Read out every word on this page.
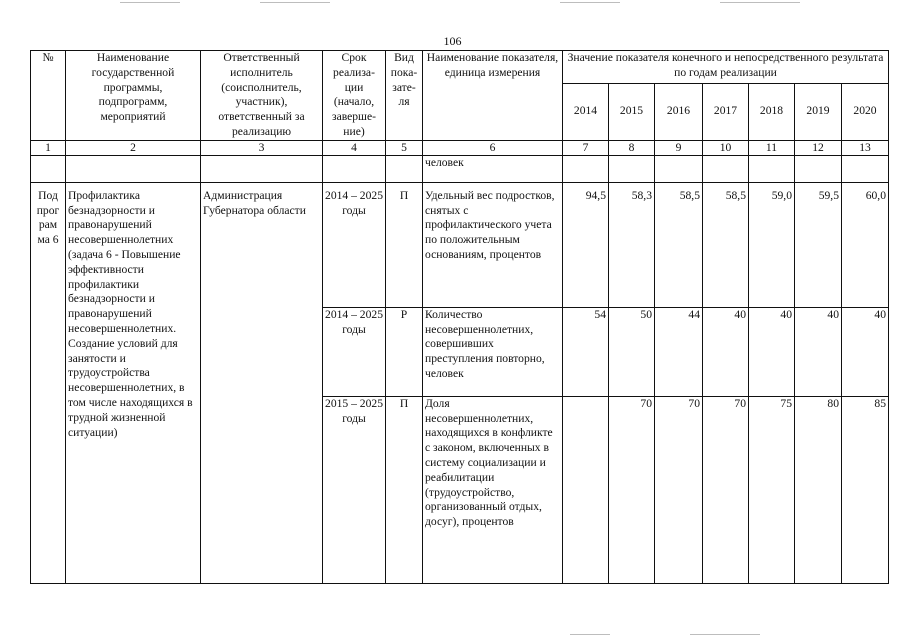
106
№	Наименование государственной программы, подпрограмм, мероприятий	Ответственный исполнитель (соисполнитель, участник), ответственный за реализацию	Срок реализа-ции (начало, заверше-ние)	Вид пока-зате-ля	Наименование показателя, единица измерения	Значение показателя конечного и непосредственного результата по годам реализации						
						2014	2015	2016	2017	2018	2019	2020
1	2	3	4	5	6	7	8	9	10	11	12	13
					человек							

Под прог рам ма 6	Профилактика безнадзорности и правонарушений несовершеннолетних (задача 6 - Повышение эффективности профилактики безнадзорности и правонарушений несовершеннолетних. Создание условий для занятости и трудоустройства несовершеннолетних, в том числе находящихся в трудной жизненной ситуации)	Администрация Губернатора области	2014 – 2025 годы	П	Удельный вес подростков, снятых с профилактического учета по положительным основаниям, процентов	94,5	58,3	58,5	58,5	59,0	59,5	60,0
			2014 – 2025 годы	Р	Количество несовершеннолетних, совершивших преступления повторно, человек	54	50	44	40	40	40	40
			2015 – 2025 годы	П	Доля несовершеннолетних, находящихся в конфликте с законом, включенных в систему социализации и реабилитации (трудоустройство, организованный отдых, досуг), процентов		70	70	70	75	80	85
